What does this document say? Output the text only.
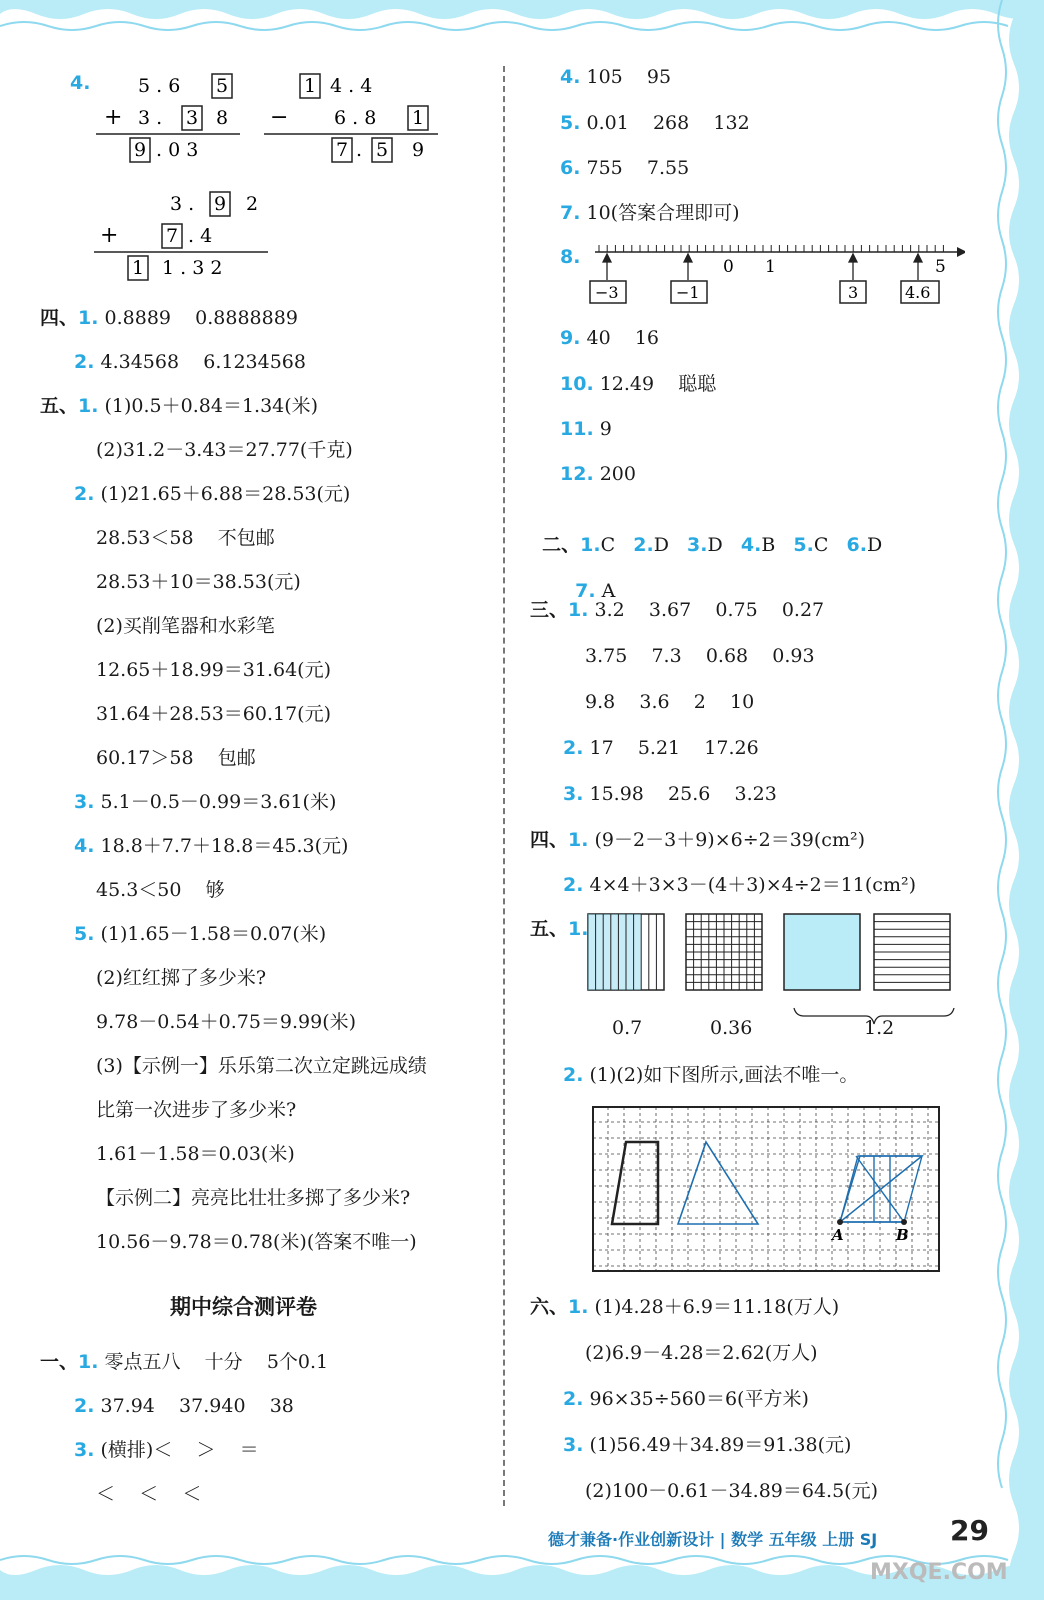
4.	5 . 6 5
+ 3 . 3 8
9 . 0 3
1 4 . 4
− 6 . 8 1
7 . 5 9
3 . 9 2
+	7 . 4
1 1 . 3 2
四、1. 0.8889    0.8888889
2. 4.34568    6.1234568
五、1. (1)0.5＋0.84＝1.34(米)
(2)31.2－3.43＝27.77(千克)
2. (1)21.65＋6.88＝28.53(元)
28.53＜58    不包邮
28.53＋10＝38.53(元)
(2)买削笔器和水彩笔
12.65＋18.99＝31.64(元)
31.64＋28.53＝60.17(元)
60.17＞58    包邮
3. 5.1－0.5－0.99＝3.61(米)
4. 18.8＋7.7＋18.8＝45.3(元)
45.3＜50    够
5. (1)1.65－1.58＝0.07(米)
(2)红红掷了多少米?
9.78－0.54＋0.75＝9.99(米)
(3)【示例一】乐乐第二次立定跳远成绩
比第一次进步了多少米?
1.61－1.58＝0.03(米)
【示例二】亮亮比壮壮多掷了多少米?
10.56－9.78＝0.78(米)(答案不唯一)
期中综合测评卷
一、1. 零点五八    十分    5个0.1
2. 37.94    37.940    38
3. (横排)＜    ＞    ＝
＜    ＜    ＜
4. 105    95
5. 0.01    268    132
6. 755    7.55
7. 10(答案合理即可)
8.	0 1	5
−3	−1	3	4.6
9. 40    16
10. 12.49    聪聪
11. 9
12. 200

二、1.C 2.D 3.D 4.B 5.C 6.D

7. A

三、1. 3.2    3.67    0.75    0.27
3.75    7.3    0.68    0.93
9.8    3.6    2    10
2. 17    5.21    17.26
3. 15.98    25.6    3.23
四、1. (9－2－3＋9)×6÷2＝39(cm²)
2. 4×4＋3×3－(4＋3)×4÷2＝11(cm²)
五、1.
0.7	0.36	1.2
2. (1)(2)如下图所示,画法不唯一。
A	B
六、1. (1)4.28＋6.9＝11.18(万人)
(2)6.9－4.28＝2.62(万人)
2. 96×35÷560＝6(平方米)
3. (1)56.49＋34.89＝91.38(元)
(2)100－0.61－34.89＝64.5(元)
德才兼备·作业创新设计 | 数学 五年级 上册 SJ	29
MXQE.COM
